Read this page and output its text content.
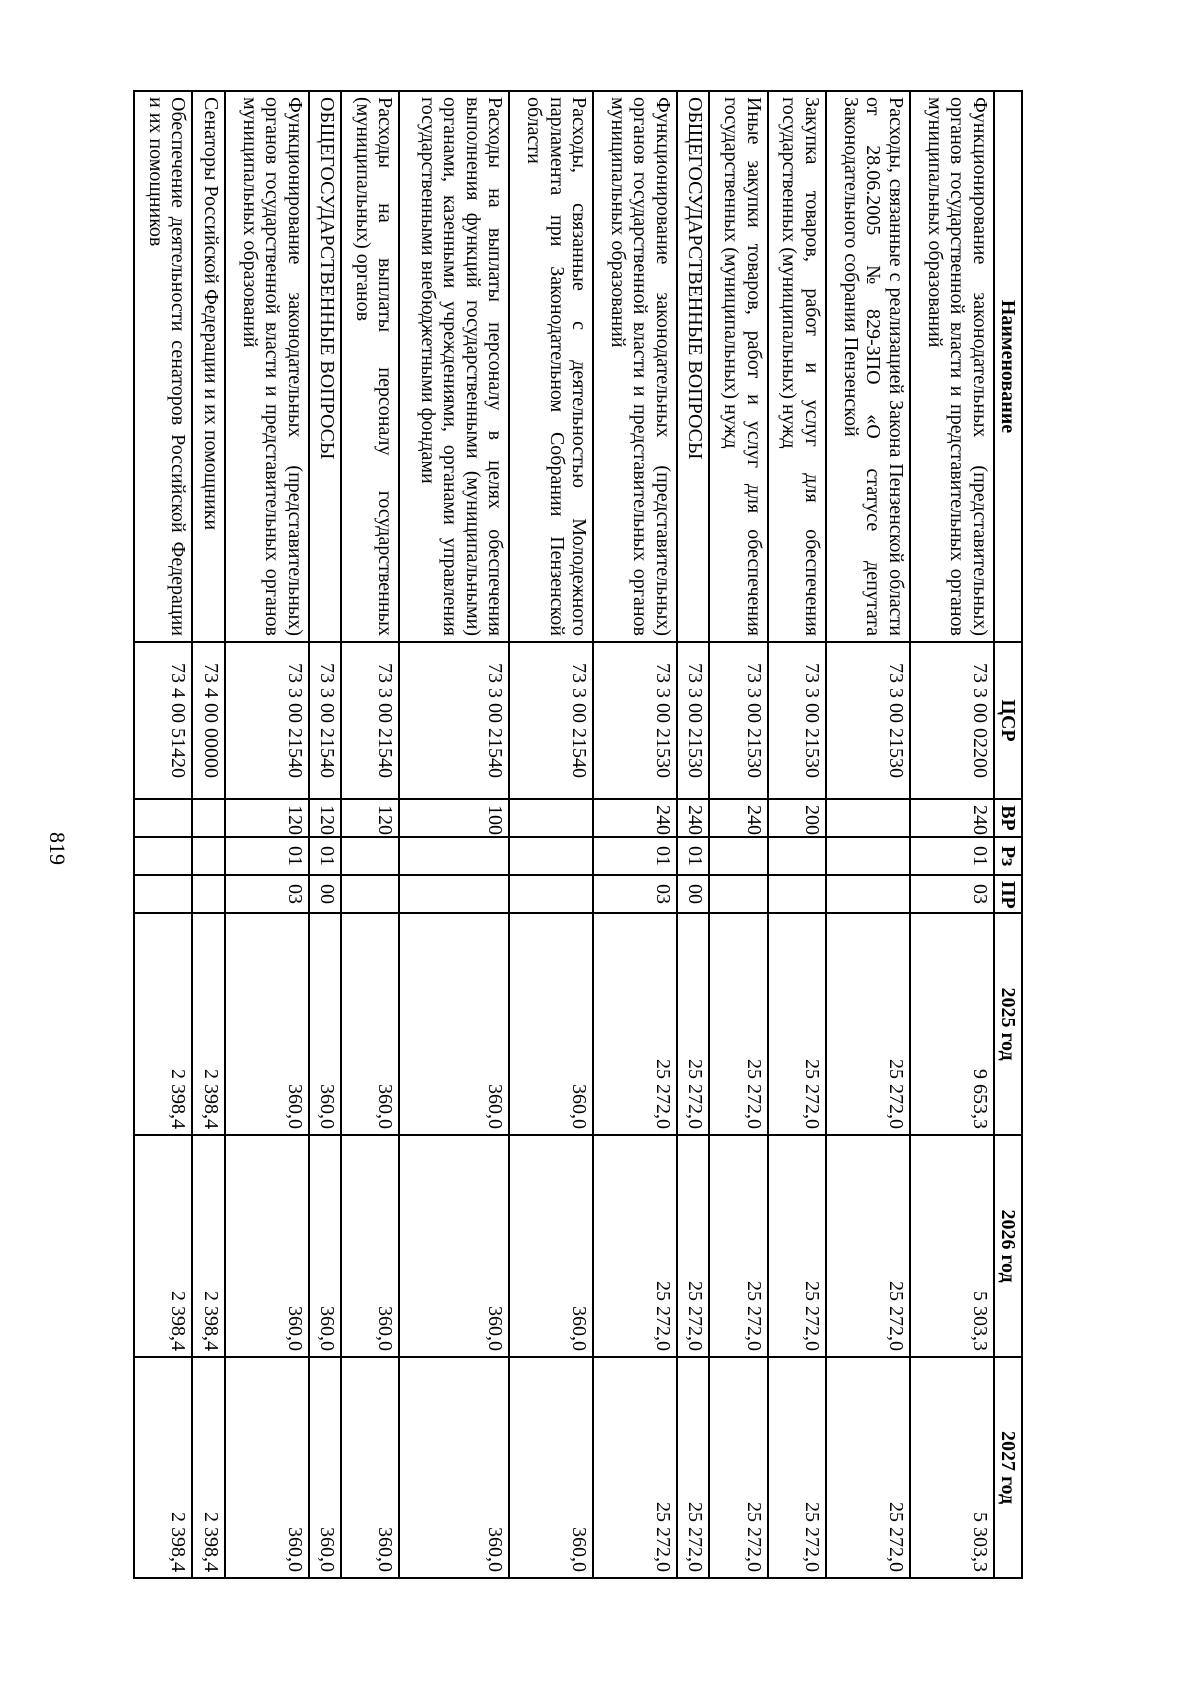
819
Наименование	ЦСР	ВР	Рз	ПР	2025 год	2026 год	2027 год
Функционирование законодательных (представительных) органов государственной власти и представительных органов муниципальных образований	73 3 00 02200	240	01	03	9 653,3	5 303,3	5 303,3
Расходы, связанные с реализацией Закона Пензенской области от 28.06.2005 №829-ЗПО «О статусе депутата Законодательного собрания Пензенской	73 3 00 21530				25 272,0	25 272,0	25 272,0
Закупка товаров, работ и услуг для обеспечения государственных (муниципальных) нужд	73 3 00 21530	200			25 272,0	25 272,0	25 272,0
Иные закупки товаров, работ и услуг для обеспечения государственных (муниципальных) нужд	73 3 00 21530	240			25 272,0	25 272,0	25 272,0
ОБЩЕГОСУДАРСТВЕННЫЕ ВОПРОСЫ	73 3 00 21530	240	01	00	25 272,0	25 272,0	25 272,0
Функционирование законодательных (представительных) органов государственной власти и представительных органов муниципальных образований	73 3 00 21530	240	01	03	25 272,0	25 272,0	25 272,0
Расходы, связанные с деятельностью Молодежного парламента при Законодательном Собрании Пензенской области	73 3 00 21540				360,0	360,0	360,0
Расходы на выплаты персоналу в целях обеспечения выполнения функций государственными (муниципальными) органами, казенными учреждениями, органами управления государственными внебюджетными фондами	73 3 00 21540	100			360,0	360,0	360,0
Расходы на выплаты персоналу государственных (муниципальных) органов	73 3 00 21540	120			360,0	360,0	360,0
ОБЩЕГОСУДАРСТВЕННЫЕ ВОПРОСЫ	73 3 00 21540	120	01	00	360,0	360,0	360,0
Функционирование законодательных (представительных) органов государственной власти и представительных органов муниципальных образований	73 3 00 21540	120	01	03	360,0	360,0	360,0
Сенаторы Российской Федерации и их помощники	73 4 00 00000				2 398,4	2 398,4	2 398,4
Обеспечение деятельности сенаторов Российской Федерации и их помощников	73 4 00 51420				2 398,4	2 398,4	2 398,4
